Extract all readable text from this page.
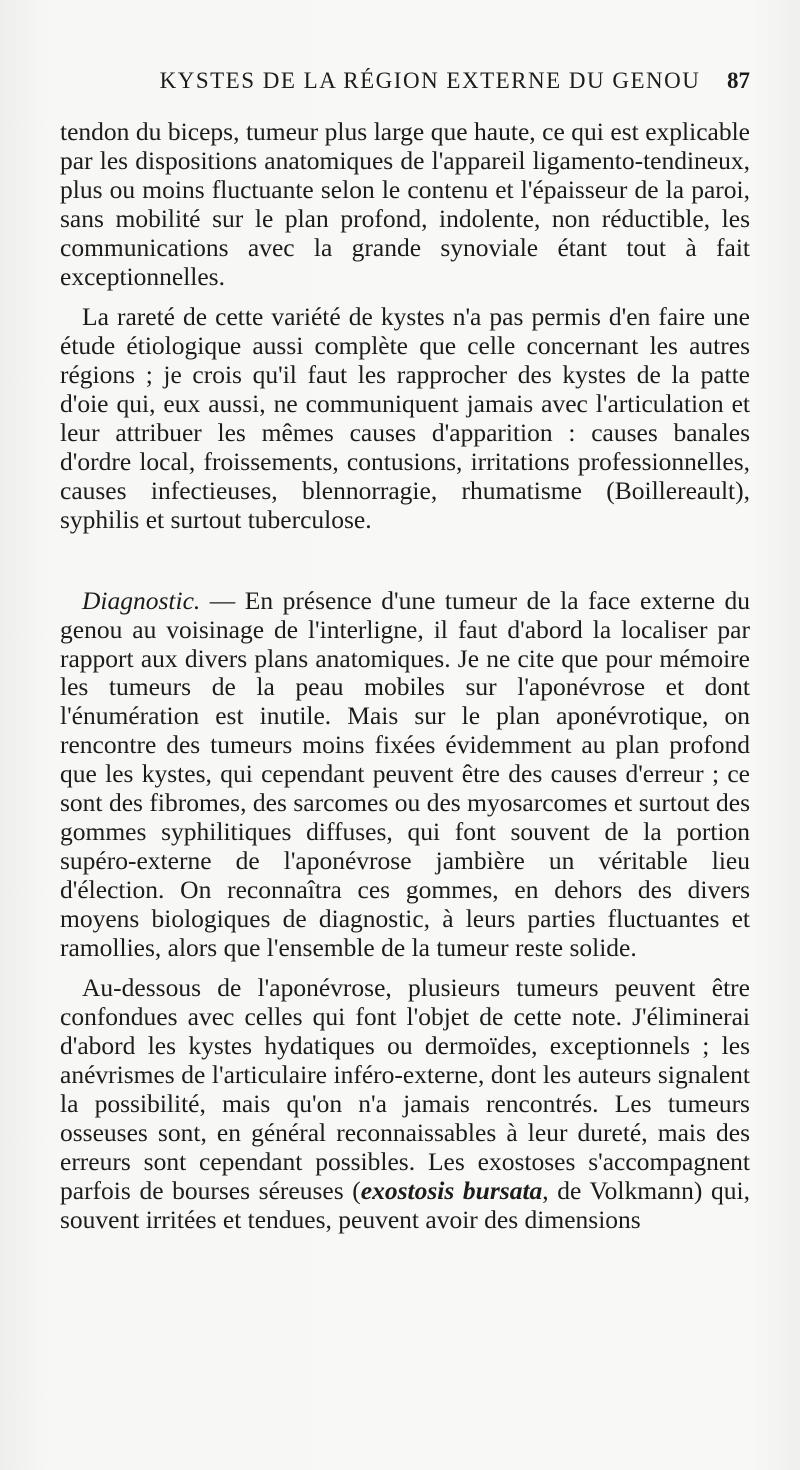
KYSTES DE LA RÉGION EXTERNE DU GENOU	87

tendon du biceps, tumeur plus large que haute, ce qui est explicable par les dispositions anatomiques de l'appareil ligamento-tendineux, plus ou moins fluctuante selon le contenu et l'épaisseur de la paroi, sans mobilité sur le plan profond, indolente, non réductible, les communications avec la grande synoviale étant tout à fait exceptionnelles.

La rareté de cette variété de kystes n'a pas permis d'en faire une étude étiologique aussi complète que celle concernant les autres régions ; je crois qu'il faut les rapprocher des kystes de la patte d'oie qui, eux aussi, ne communiquent jamais avec l'articulation et leur attribuer les mêmes causes d'apparition : causes banales d'ordre local, froissements, contusions, irritations professionnelles, causes infectieuses, blennorragie, rhumatisme (Boillereault), syphilis et surtout tuberculose.

Diagnostic. — En présence d'une tumeur de la face externe du genou au voisinage de l'interligne, il faut d'abord la localiser par rapport aux divers plans anatomiques. Je ne cite que pour mémoire les tumeurs de la peau mobiles sur l'aponévrose et dont l'énumération est inutile. Mais sur le plan aponévrotique, on rencontre des tumeurs moins fixées évidemment au plan profond que les kystes, qui cependant peuvent être des causes d'erreur ; ce sont des fibromes, des sarcomes ou des myosarcomes et surtout des gommes syphilitiques diffuses, qui font souvent de la portion supéro-externe de l'aponévrose jambière un véritable lieu d'élection. On reconnaîtra ces gommes, en dehors des divers moyens biologiques de diagnostic, à leurs parties fluctuantes et ramollies, alors que l'ensemble de la tumeur reste solide.

Au-dessous de l'aponévrose, plusieurs tumeurs peuvent être confondues avec celles qui font l'objet de cette note. J'éliminerai d'abord les kystes hydatiques ou dermoïdes, exceptionnels ; les anévrismes de l'articulaire inféro-externe, dont les auteurs signalent la possibilité, mais qu'on n'a jamais rencontrés. Les tumeurs osseuses sont, en général reconnaissables à leur dureté, mais des erreurs sont cependant possibles. Les exostoses s'accompagnent parfois de bourses séreuses (exostosis bursata, de Volkmann) qui, souvent irritées et tendues, peuvent avoir des dimensions
